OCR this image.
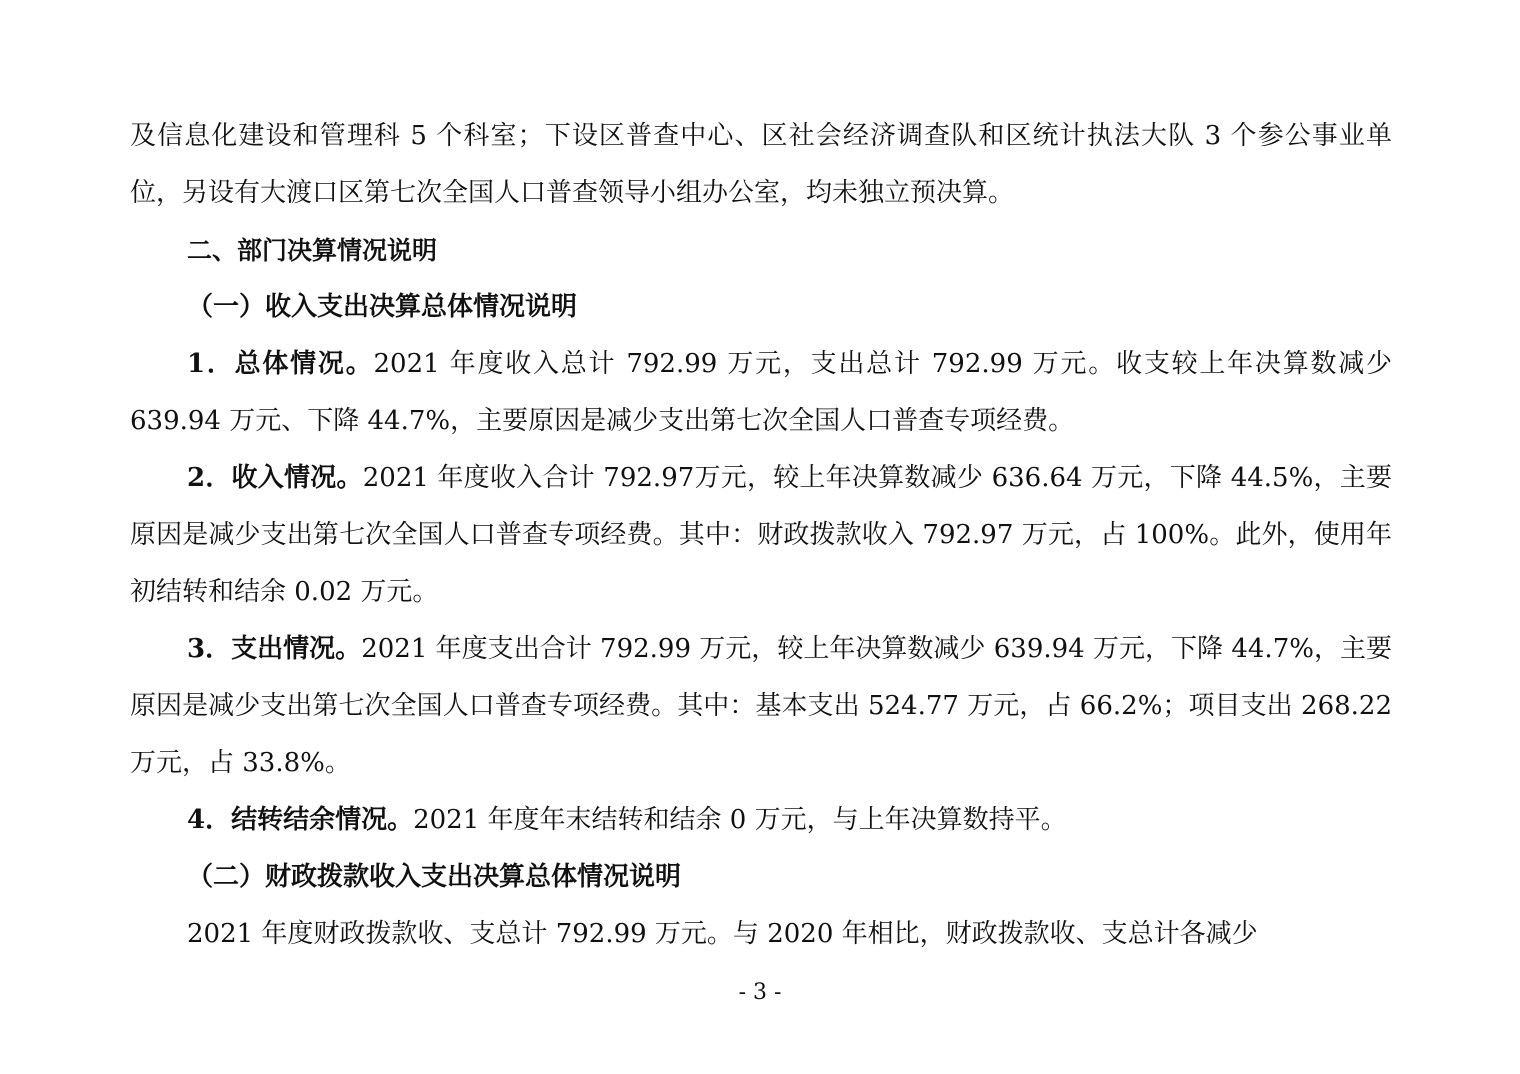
及信息化建设和管理科 5 个科室；下设区普查中心、区社会经济调查队和区统计执法大队 3 个参公事业单位，另设有大渡口区第七次全国人口普查领导小组办公室，均未独立预决算。

二、部门决算情况说明

（一）收入支出决算总体情况说明

1．总体情况。2021 年度收入总计 792.99 万元，支出总计 792.99 万元。收支较上年决算数减少 639.94 万元、下降 44.7%，主要原因是减少支出第七次全国人口普查专项经费。

2．收入情况。2021 年度收入合计 792.97万元，较上年决算数减少 636.64 万元，下降 44.5%，主要原因是减少支出第七次全国人口普查专项经费。其中：财政拨款收入 792.97 万元，占 100%。此外，使用年初结转和结余 0.02 万元。

3．支出情况。2021 年度支出合计 792.99 万元，较上年决算数减少 639.94 万元，下降 44.7%，主要原因是减少支出第七次全国人口普查专项经费。其中：基本支出 524.77 万元，占 66.2%；项目支出 268.22 万元，占 33.8%。

4．结转结余情况。2021 年度年末结转和结余 0 万元，与上年决算数持平。

（二）财政拨款收入支出决算总体情况说明

2021 年度财政拨款收、支总计 792.99 万元。与 2020 年相比，财政拨款收、支总计各减少

- 3 -
